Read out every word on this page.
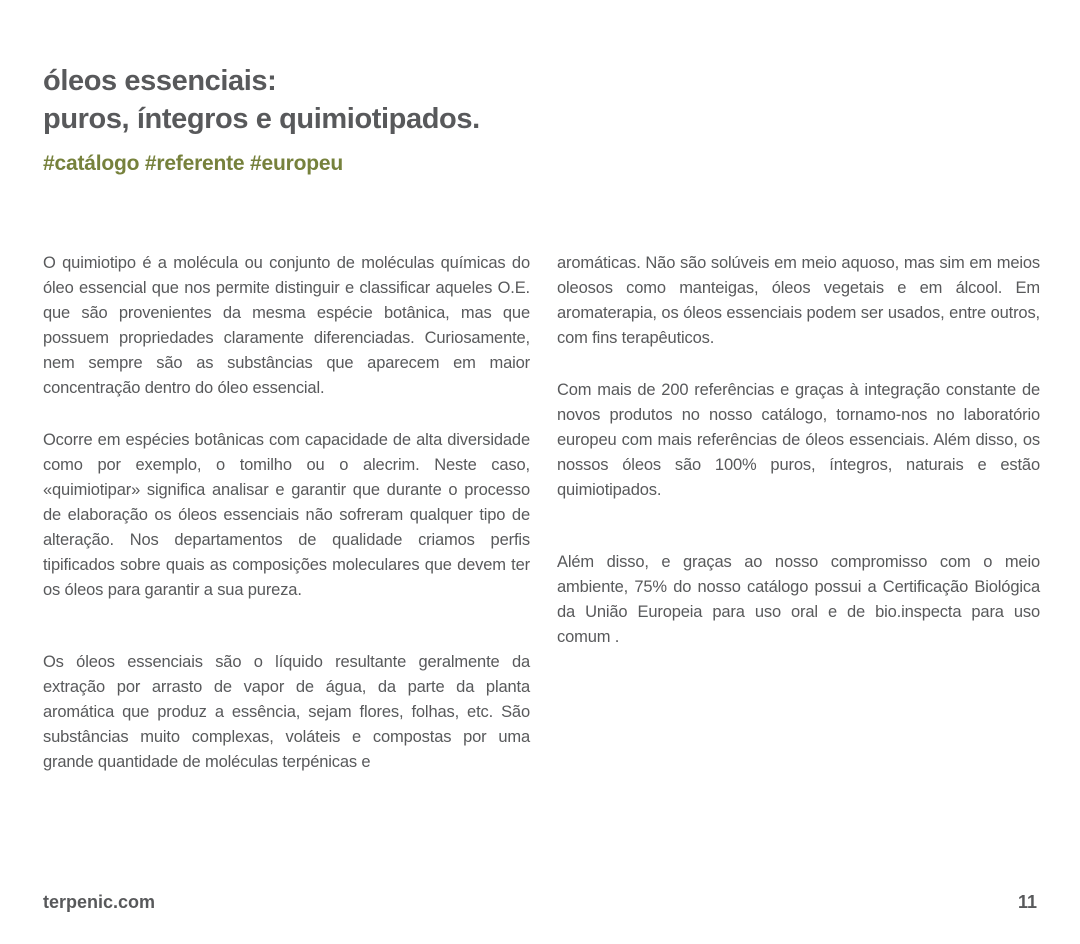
óleos essenciais:
puros, íntegros e quimiotipados.
#catálogo #referente #europeu

O quimiotipo é a molécula ou conjunto de moléculas químicas do óleo essencial que nos permite distinguir e classificar aqueles O.E. que são provenientes da mesma espécie botânica, mas que possuem propriedades claramente diferenciadas. Curiosamente, nem sempre são as substâncias que aparecem em maior concentração dentro do óleo essencial.

Ocorre em espécies botânicas com capacidade de alta diversidade como por exemplo, o tomilho ou o alecrim. Neste caso, «quimiotipar» significa analisar e garantir que durante o processo de elaboração os óleos essenciais não sofreram qualquer tipo de alteração. Nos departamentos de qualidade criamos perfis tipificados sobre quais as composições moleculares que devem ter os óleos para garantir a sua pureza.

Os óleos essenciais são o líquido resultante geralmente da extração por arrasto de vapor de água, da parte da planta aromática que produz a essência, sejam flores, folhas, etc. São substâncias muito complexas, voláteis e compostas por uma grande quantidade de moléculas terpénicas e

aromáticas. Não são solúveis em meio aquoso, mas sim em meios oleosos como manteigas, óleos vegetais e em álcool. Em aromaterapia, os óleos essenciais podem ser usados, entre outros, com fins terapêuticos.

Com mais de 200 referências e graças à integração constante de novos produtos no nosso catálogo, tornamo-nos no laboratório europeu com mais referências de óleos essenciais. Além disso, os nossos óleos são 100% puros, íntegros, naturais e estão quimiotipados.

Além disso, e graças ao nosso compromisso com o meio ambiente, 75% do nosso catálogo possui a Certificação Biológica da União Europeia para uso oral e de bio.inspecta para uso comum .

terpenic.com	11
